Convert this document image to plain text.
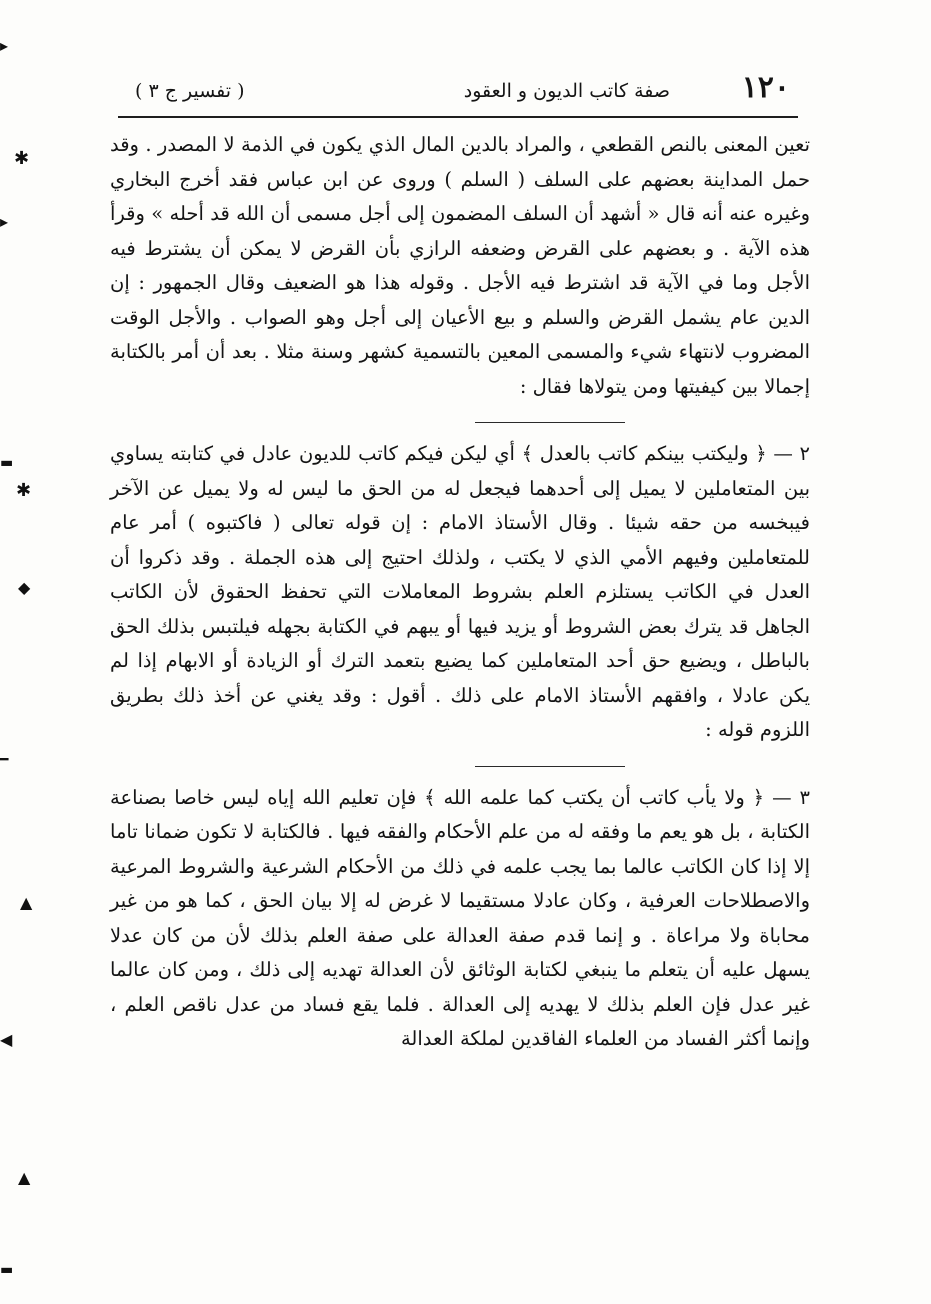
١٢٠
صفة كاتب الديون و العقود
( تفسير ج ٣ )

تعين المعنى بالنص القطعي ، والمراد بالدين المال الذي يكون في الذمة لا المصدر . وقد حمل المداينة بعضهم على السلف ( السلم ) وروى عن ابن عباس فقد أخرج البخاري وغيره عنه أنه قال « أشهد أن السلف المضمون إلى أجل مسمى أن الله قد أحله » وقرأ هذه الآية . و بعضهم على القرض وضعفه الرازي بأن القرض لا يمكن أن يشترط فيه الأجل وما في الآية قد اشترط فيه الأجل . وقوله هذا هو الضعيف وقال الجمهور : إن الدين عام يشمل القرض والسلم و بيع الأعيان إلى أجل وهو الصواب . والأجل الوقت المضروب لانتهاء شيء والمسمى المعين بالتسمية كشهر وسنة مثلا . بعد أن أمر بالكتابة إجمالا بين كيفيتها ومن يتولاها فقال :

٢ — ﴿ وليكتب بينكم كاتب بالعدل ﴾ أي ليكن فيكم كاتب للديون عادل في كتابته يساوي بين المتعاملين لا يميل إلى أحدهما فيجعل له من الحق ما ليس له ولا يميل عن الآخر فيبخسه من حقه شيئا . وقال الأستاذ الامام : إن قوله تعالى ( فاكتبوه ) أمر عام للمتعاملين وفيهم الأمي الذي لا يكتب ، ولذلك احتيج إلى هذه الجملة . وقد ذكروا أن العدل في الكاتب يستلزم العلم بشروط المعاملات التي تحفظ الحقوق لأن الكاتب الجاهل قد يترك بعض الشروط أو يزيد فيها أو يبهم في الكتابة بجهله فيلتبس بذلك الحق بالباطل ، ويضيع حق أحد المتعاملين كما يضيع بتعمد الترك أو الزيادة أو الابهام إذا لم يكن عادلا ، وافقهم الأستاذ الامام على ذلك . أقول : وقد يغني عن أخذ ذلك بطريق اللزوم قوله :

٣ — ﴿ ولا يأب كاتب أن يكتب كما علمه الله ﴾ فإن تعليم الله إياه ليس خاصا بصناعة الكتابة ، بل هو يعم ما وفقه له من علم الأحكام والفقه فيها . فالكتابة لا تكون ضمانا تاما إلا إذا كان الكاتب عالما بما يجب علمه في ذلك من الأحكام الشرعية والشروط المرعية والاصطلاحات العرفية ، وكان عادلا مستقيما لا غرض له إلا بيان الحق ، كما هو من غير محاباة ولا مراعاة . و إنما قدم صفة العدالة على صفة العلم بذلك لأن من كان عدلا يسهل عليه أن يتعلم ما ينبغي لكتابة الوثائق لأن العدالة تهديه إلى ذلك ، ومن كان عالما غير عدل فإن العلم بذلك لا يهديه إلى العدالة . فلما يقع فساد من عدل ناقص العلم ، وإنما أكثر الفساد من العلماء الفاقدين لملكة العدالة

▸
✱
▸
▬
✱
◆
━
▲
◀
▲
▬
